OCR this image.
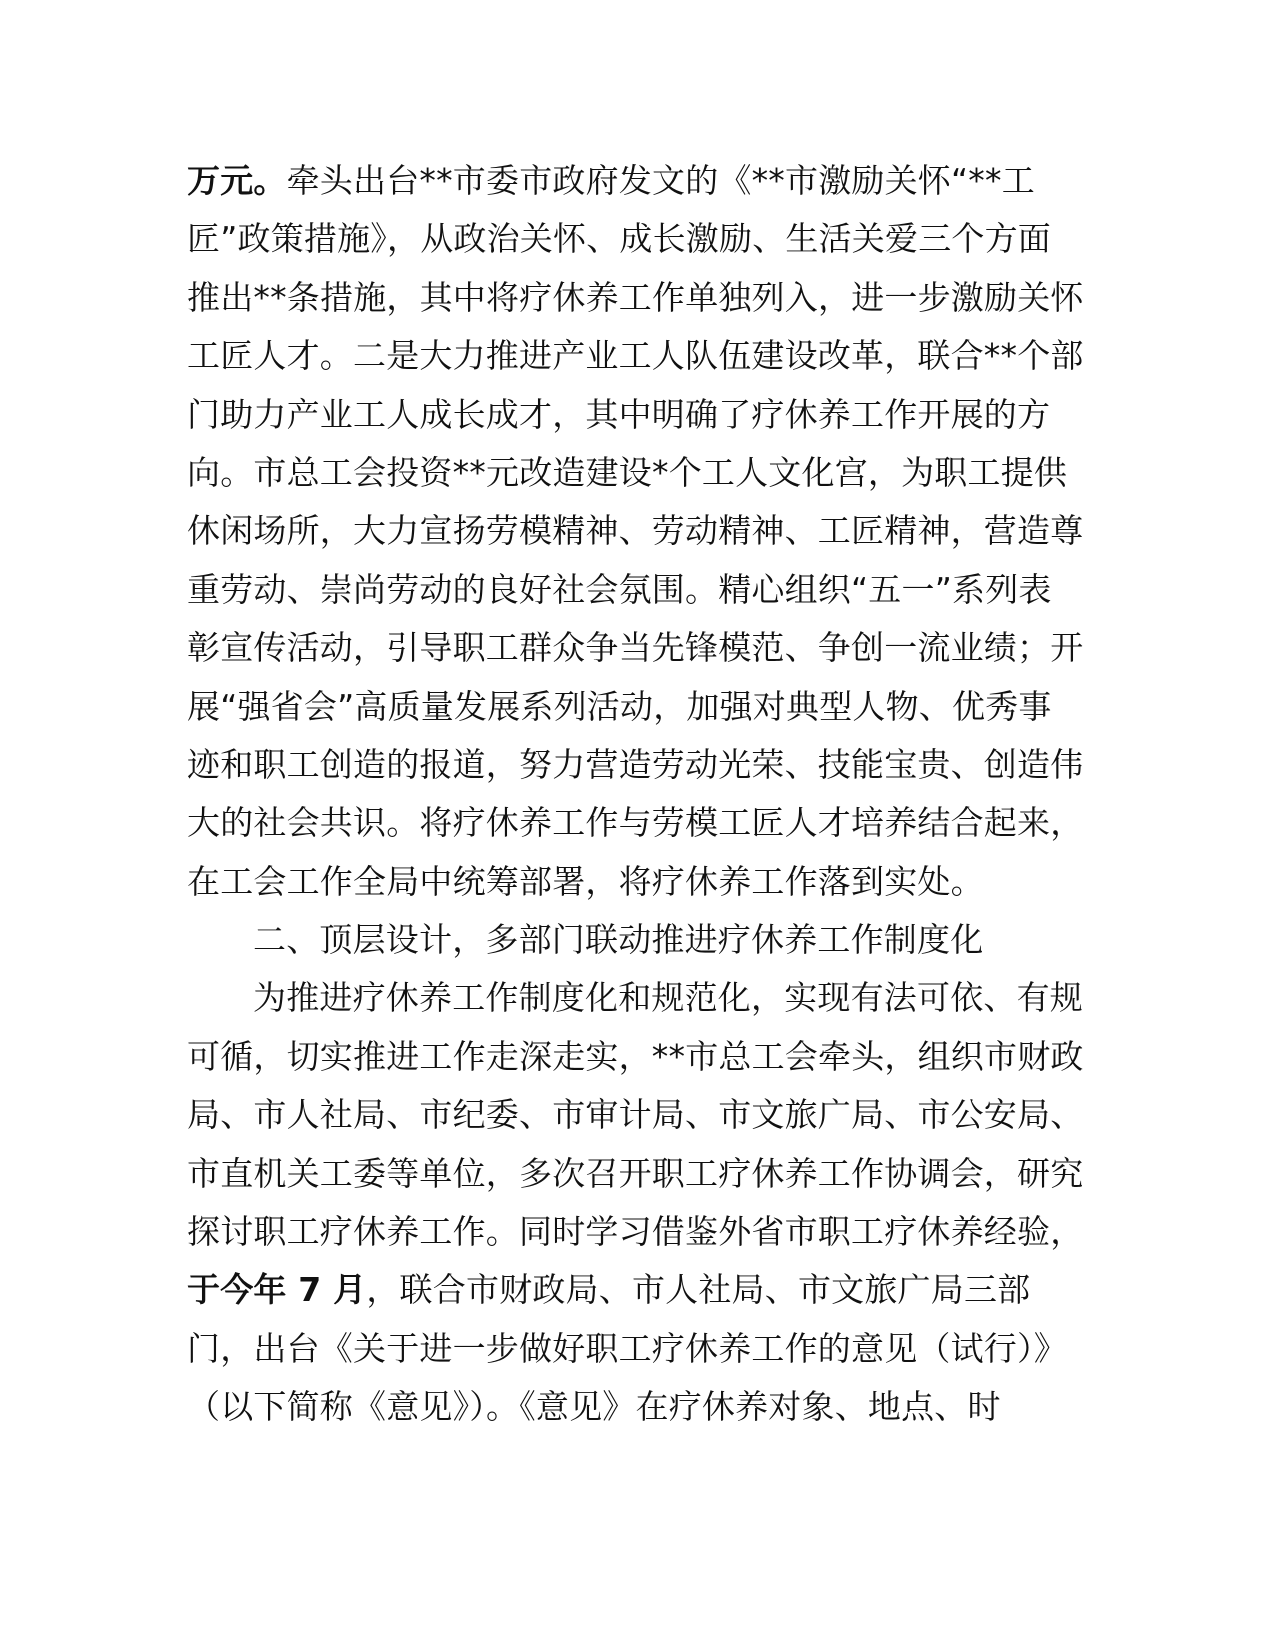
万元。牵头出台**市委市政府发文的《**市激励关怀“**工
匠”政策措施》，从政治关怀、成长激励、生活关爱三个方面
推出**条措施，其中将疗休养工作单独列入，进一步激励关怀
工匠人才。二是大力推进产业工人队伍建设改革，联合**个部
门助力产业工人成长成才，其中明确了疗休养工作开展的方
向。市总工会投资**元改造建设*个工人文化宫，为职工提供
休闲场所，大力宣扬劳模精神、劳动精神、工匠精神，营造尊
重劳动、崇尚劳动的良好社会氛围。精心组织“五一”系列表
彰宣传活动，引导职工群众争当先锋模范、争创一流业绩；开
展“强省会”高质量发展系列活动，加强对典型人物、优秀事
迹和职工创造的报道，努力营造劳动光荣、技能宝贵、创造伟
大的社会共识。将疗休养工作与劳模工匠人才培养结合起来，
在工会工作全局中统筹部署，将疗休养工作落到实处。
二、顶层设计，多部门联动推进疗休养工作制度化
为推进疗休养工作制度化和规范化，实现有法可依、有规
可循，切实推进工作走深走实，**市总工会牵头，组织市财政
局、市人社局、市纪委、市审计局、市文旅广局、市公安局、
市直机关工委等单位，多次召开职工疗休养工作协调会，研究
探讨职工疗休养工作。同时学习借鉴外省市职工疗休养经验，
于今年 7 月，联合市财政局、市人社局、市文旅广局三部
门，出台《关于进一步做好职工疗休养工作的意见（试行）》
（以下简称《意见》）。《意见》在疗休养对象、地点、时
